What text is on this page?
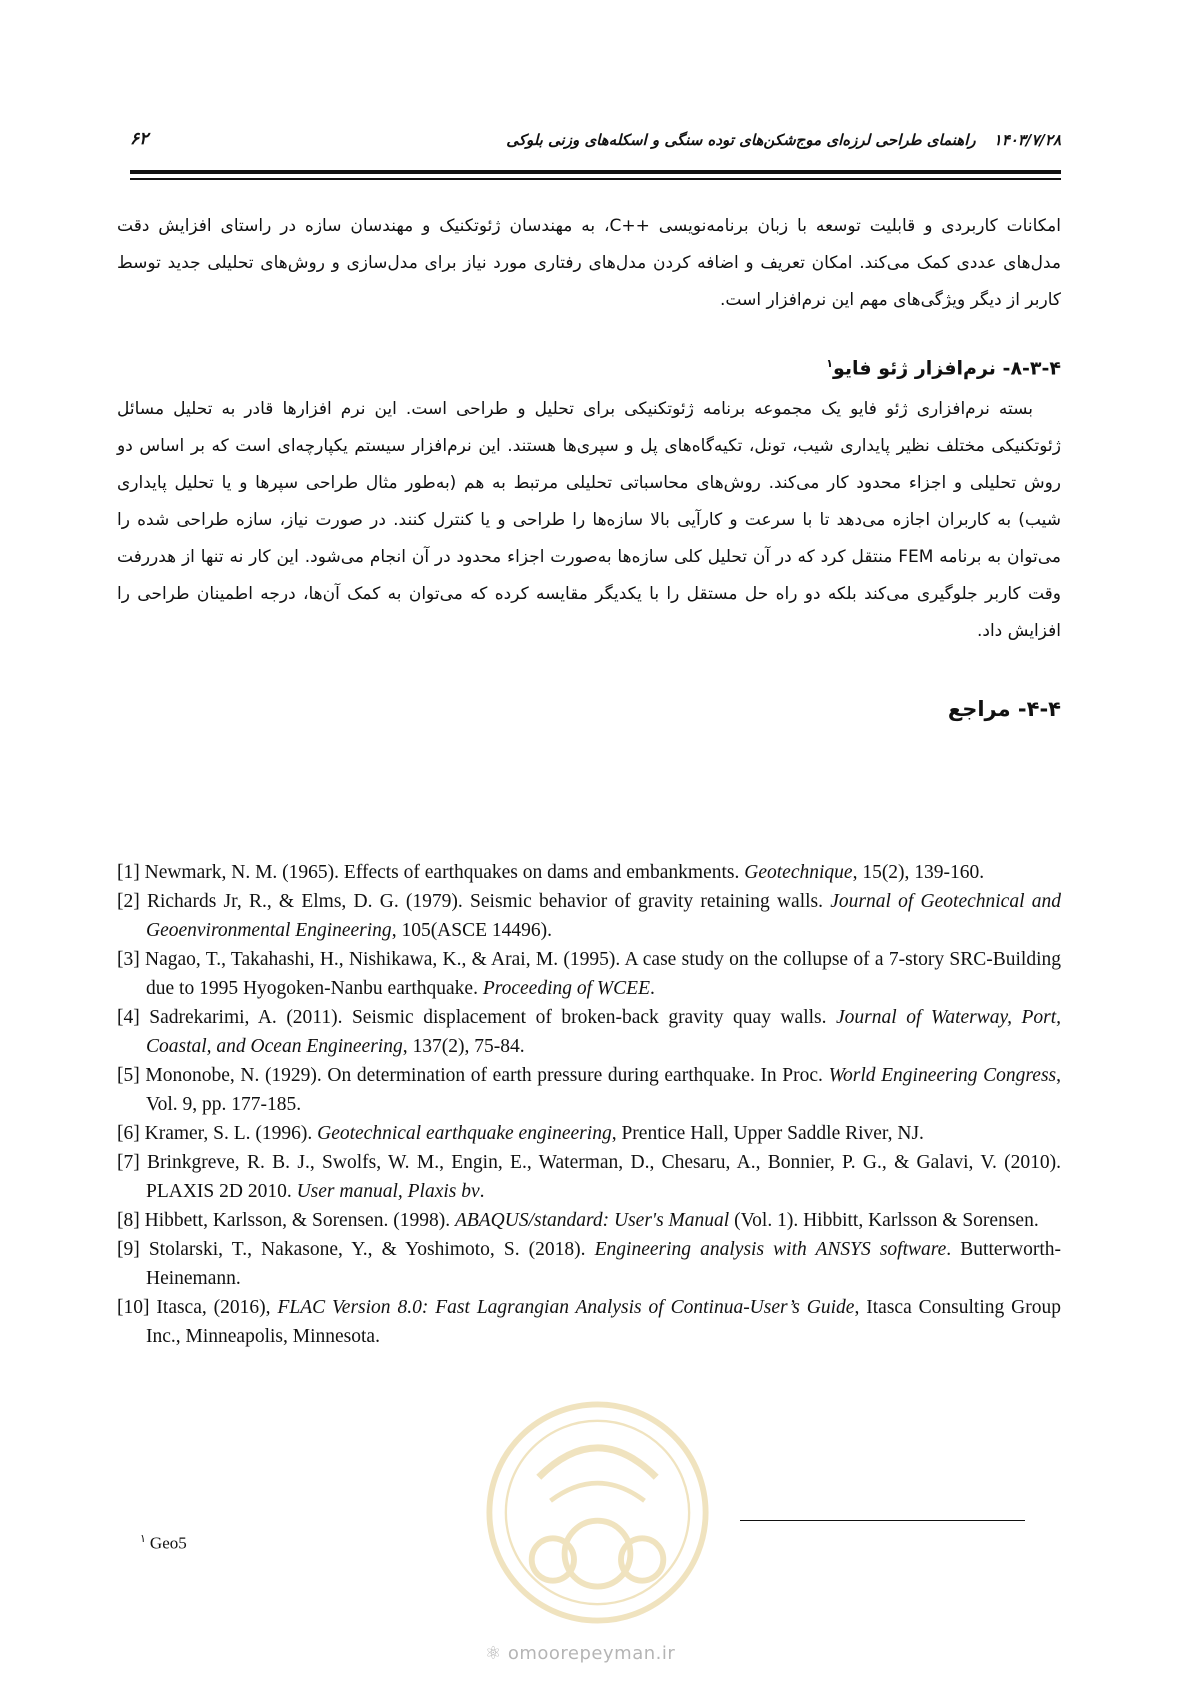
۱۴۰۳/۷/۲۸راهنمای طراحی لرزه‌ای موج‌شکن‌های توده سنگی و اسکله‌های وزنی بلوکی
۶۲

امکانات کاربردی و قابلیت توسعه با زبان برنامه‌نویسی ++C، به مهندسان ژئوتکنیک و مهندسان سازه در راستای افزایش دقت مدل‌های عددی کمک می‌کند. امکان تعریف و اضافه کردن مدل‌های رفتاری مورد نیاز برای مدل‌سازی و روش‌های تحلیلی جدید توسط کاربر از دیگر ویژگی‌های مهم این نرم‌افزار است.

۸-۳-۴- نرم‌افزار ژئو فایو$^۱$

بسته نرم‌افزاری ژئو فایو یک مجموعه برنامه ژئوتکنیکی برای تحلیل و طراحی است. این نرم افزارها قادر به تحلیل مسائل ژئوتکنیکی مختلف نظیر پایداری شیب، تونل، تکیه‌گاه‌های پل و سپری‌ها هستند. این نرم‌افزار سیستم یکپارچه‌ای است که بر اساس دو روش تحلیلی و اجزاء محدود کار می‌کند. روش‌های محاسباتی تحلیلی مرتبط به هم (به‌طور مثال طراحی سپرها و یا تحلیل پایداری شیب) به کاربران اجازه می‌دهد تا با سرعت و کارآیی بالا سازه‌ها را طراحی و یا کنترل کنند. در صورت نیاز، سازه طراحی شده را می‌توان به برنامه FEM منتقل کرد که در آن تحلیل کلی سازه‌ها به‌صورت اجزاء محدود در آن انجام می‌شود. این کار نه تنها از هدررفت وقت کاربر جلوگیری می‌کند بلکه دو راه حل مستقل را با یکدیگر مقایسه کرده که می‌توان به کمک آن‌ها، درجه اطمینان طراحی را افزایش داد.

۴-۴- مراجع

[1] Newmark, N. M. (1965). Effects of earthquakes on dams and embankments. Geotechnique, 15(2), 139-160.

[2] Richards Jr, R., & Elms, D. G. (1979). Seismic behavior of gravity retaining walls. Journal of Geotechnical and Geoenvironmental Engineering, 105(ASCE 14496).

[3] Nagao, T., Takahashi, H., Nishikawa, K., & Arai, M. (1995). A case study on the collupse of a 7-story SRC-Building due to 1995 Hyogoken-Nanbu earthquake. Proceeding of WCEE.

[4] Sadrekarimi, A. (2011). Seismic displacement of broken-back gravity quay walls. Journal of Waterway, Port, Coastal, and Ocean Engineering, 137(2), 75-84.

[5] Mononobe, N. (1929). On determination of earth pressure during earthquake. In Proc. World Engineering Congress, Vol. 9, pp. 177-185.

[6] Kramer, S. L. (1996). Geotechnical earthquake engineering, Prentice Hall, Upper Saddle River, NJ.

[7] Brinkgreve, R. B. J., Swolfs, W. M., Engin, E., Waterman, D., Chesaru, A., Bonnier, P. G., & Galavi, V. (2010). PLAXIS 2D 2010. User manual, Plaxis bv.

[8] Hibbett, Karlsson, & Sorensen. (1998). ABAQUS/standard: User's Manual (Vol. 1). Hibbitt, Karlsson & Sorensen.

[9] Stolarski, T., Nakasone, Y., & Yoshimoto, S. (2018). Engineering analysis with ANSYS software. Butterworth-Heinemann.

[10] Itasca, (2016), FLAC Version 8.0: Fast Lagrangian Analysis of Continua-User’s Guide, Itasca Consulting Group Inc., Minneapolis, Minnesota.

$^۱$ Geo5
⚛ omoorepeyman.ir
